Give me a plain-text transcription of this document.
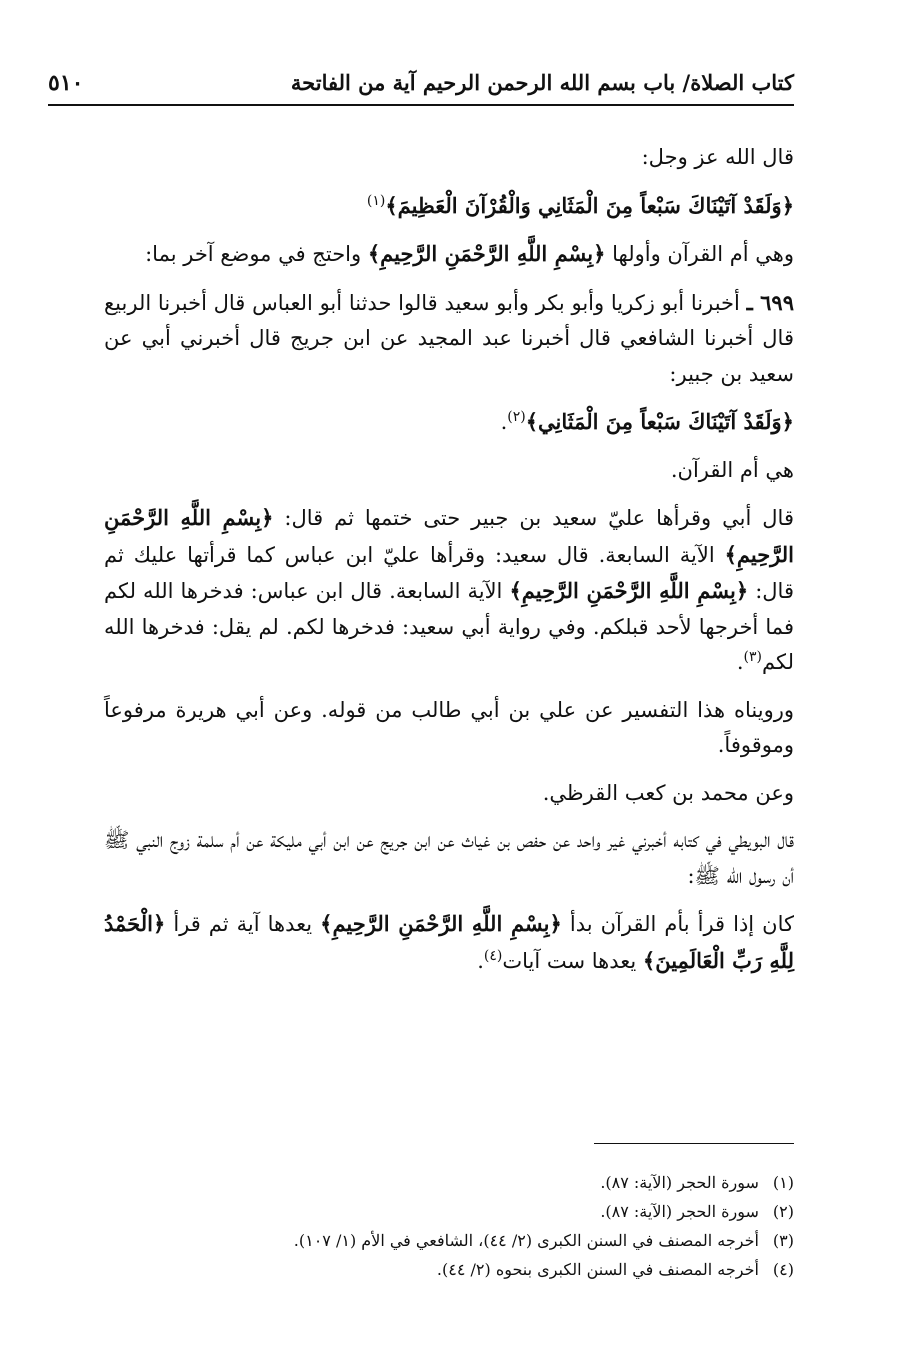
كتاب الصلاة/ باب بسم الله الرحمن الرحيم آية من الفاتحة
٥١٠

قال الله عز وجل:

﴿وَلَقَدْ آتَيْنَاكَ سَبْعاً مِنَ الْمَثَانِي وَالْقُرْآنَ الْعَظِيمَ﴾$^{(١)}$

وهي أم القرآن وأولها ﴿بِسْمِ اللَّهِ الرَّحْمَنِ الرَّحِيمِ﴾ واحتج في موضع آخر بما:

٦٩٩ ـ أخبرنا أبو زكريا وأبو بكر وأبو سعيد قالوا حدثنا أبو العباس قال أخبرنا الربيع قال أخبرنا الشافعي قال أخبرنا عبد المجيد عن ابن جريج قال أخبرني أبي عن سعيد بن جبير:

﴿وَلَقَدْ آتَيْنَاكَ سَبْعاً مِنَ الْمَثَانِي﴾$^{(٢)}$.

هي أم القرآن.

قال أبي وقرأها عليّ سعيد بن جبير حتى ختمها ثم قال: ﴿بِسْمِ اللَّهِ الرَّحْمَنِ الرَّحِيمِ﴾ الآية السابعة. قال سعيد: وقرأها عليّ ابن عباس كما قرأتها عليك ثم قال: ﴿بِسْمِ اللَّهِ الرَّحْمَنِ الرَّحِيمِ﴾ الآية السابعة. قال ابن عباس: فدخرها الله لكم فما أخرجها لأحد قبلكم. وفي رواية أبي سعيد: فدخرها لكم. لم يقل: فدخرها الله لكم$^{(٣)}$.

ورويناه هذا التفسير عن علي بن أبي طالب من قوله. وعن أبي هريرة مرفوعاً وموقوفاً.

وعن محمد بن كعب القرظي.

قال البويطي في كتابه أخبرني غير واحد عن حفص بن غياث عن ابن جريج عن ابن أبي مليكة عن أم سلمة زوج النبي ﷺ أن رسول الله ﷺ:

كان إذا قرأ بأم القرآن بدأ ﴿بِسْمِ اللَّهِ الرَّحْمَنِ الرَّحِيمِ﴾ يعدها آية ثم قرأ ﴿الْحَمْدُ لِلَّهِ رَبِّ الْعَالَمِينَ﴾ يعدها ست آيات$^{(٤)}$.

(١) سورة الحجر (الآية: ٨٧).
(٢) سورة الحجر (الآية: ٨٧).
(٣) أخرجه المصنف في السنن الكبرى (٢/ ٤٤)، الشافعي في الأم (١/ ١٠٧).
(٤) أخرجه المصنف في السنن الكبرى بنحوه (٢/ ٤٤).
